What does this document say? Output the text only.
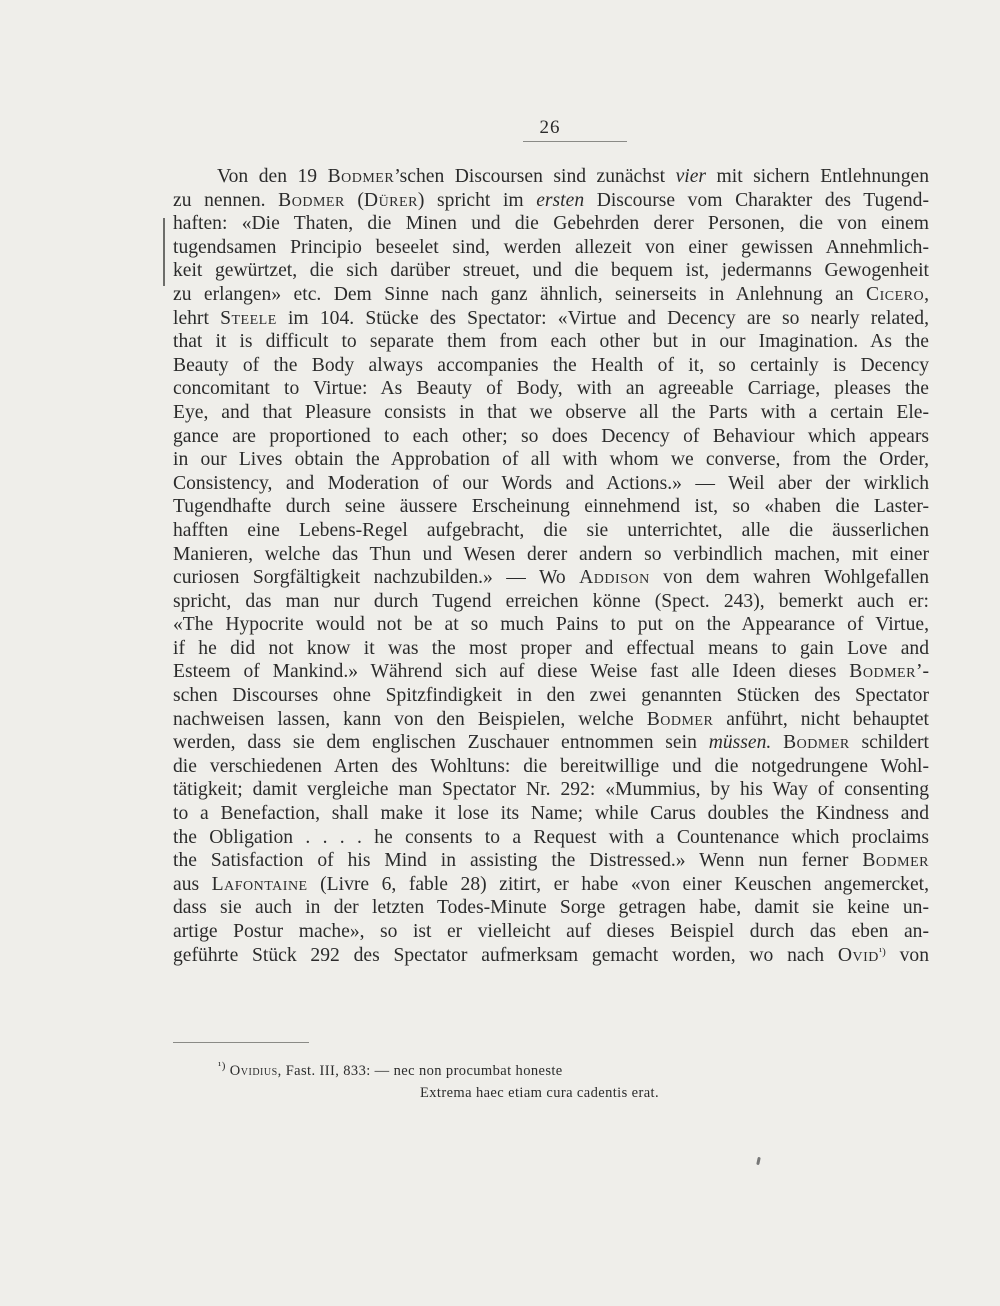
26
Von den 19 Bodmer’schen Discoursen sind zunächst vier mit sichern Entlehnungen
zu nennen. Bodmer (Dürer) spricht im ersten Discourse vom Charakter des Tugend-
haften: «Die Thaten, die Minen und die Gebehrden derer Personen, die von einem
tugendsamen Principio beseelet sind, werden allezeit von einer gewissen Annehmlich-
keit gewürtzet, die sich darüber streuet, und die bequem ist, jedermanns Gewogenheit
zu erlangen» etc. Dem Sinne nach ganz ähnlich, seinerseits in Anlehnung an Cicero,
lehrt Steele im 104. Stücke des Spectator: «Virtue and Decency are so nearly related,
that it is difficult to separate them from each other but in our Imagination. As the
Beauty of the Body always accompanies the Health of it, so certainly is Decency
concomitant to Virtue: As Beauty of Body, with an agreeable Carriage, pleases the
Eye, and that Pleasure consists in that we observe all the Parts with a certain Ele-
gance are proportioned to each other; so does Decency of Behaviour which appears
in our Lives obtain the Approbation of all with whom we converse, from the Order,
Consistency, and Moderation of our Words and Actions.» — Weil aber der wirklich
Tugendhafte durch seine äussere Erscheinung einnehmend ist, so «haben die Laster-
hafften eine Lebens-Regel aufgebracht, die sie unterrichtet, alle die äusserlichen
Manieren, welche das Thun und Wesen derer andern so verbindlich machen, mit einer
curiosen Sorgfältigkeit nachzubilden.» — Wo Addison von dem wahren Wohlgefallen
spricht, das man nur durch Tugend erreichen könne (Spect. 243), bemerkt auch er:
«The Hypocrite would not be at so much Pains to put on the Appearance of Virtue,
if he did not know it was the most proper and effectual means to gain Love and
Esteem of Mankind.» Während sich auf diese Weise fast alle Ideen dieses Bodmer’-
schen Discourses ohne Spitzfindigkeit in den zwei genannten Stücken des Spectator
nachweisen lassen, kann von den Beispielen, welche Bodmer anführt, nicht behauptet
werden, dass sie dem englischen Zuschauer entnommen sein müssen. Bodmer schildert
die verschiedenen Arten des Wohltuns: die bereitwillige und die notgedrungene Wohl-
tätigkeit; damit vergleiche man Spectator Nr. 292: «Mummius, by his Way of consenting
to a Benefaction, shall make it lose its Name; while Carus doubles the Kindness and
the Obligation . . . . he consents to a Request with a Countenance which proclaims
the Satisfaction of his Mind in assisting the Distressed.» Wenn nun ferner Bodmer
aus Lafontaine (Livre 6, fable 28) zitirt, er habe «von einer Keuschen angemercket,
dass sie auch in der letzten Todes-Minute Sorge getragen habe, damit sie keine un-
artige Postur mache», so ist er vielleicht auf dieses Beispiel durch das eben an-
geführte Stück 292 des Spectator aufmerksam gemacht worden, wo nach Ovid$^{^1)}$ von
$^{^1)}$ Ovidius, Fast. III, 833: — nec non procumbat honeste
Extrema haec etiam cura cadentis erat.
